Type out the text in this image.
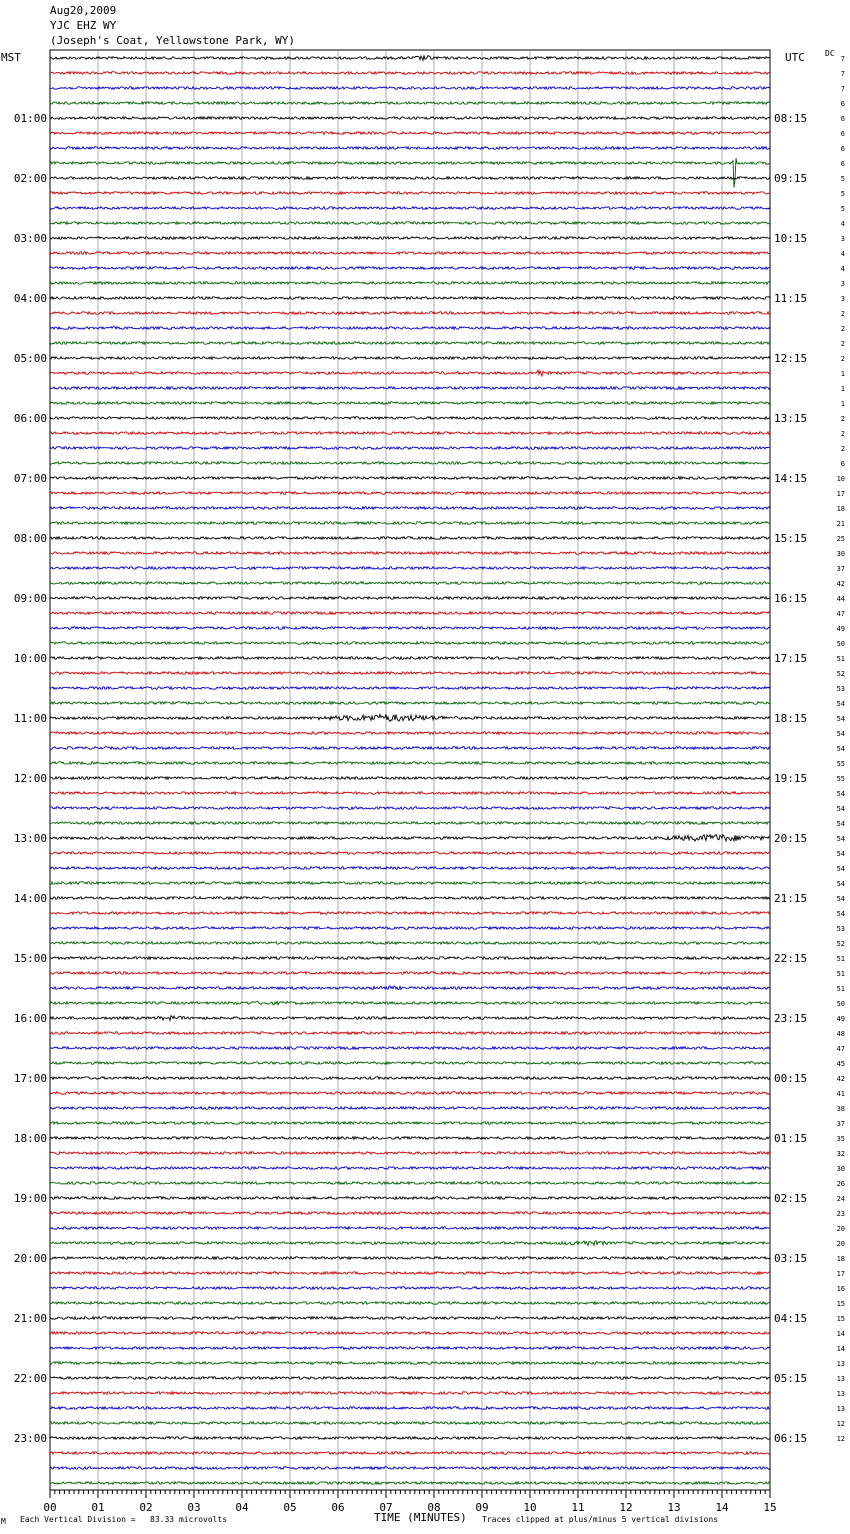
Aug20,2009
YJC EHZ WY
(Joseph's Coat, Yellowstone Park, WY)
MST	UTC	DC
01:00
02:00
03:00
04:00
05:00
06:00
07:00
08:00
09:00
10:00
11:00
12:00
13:00
14:00
15:00
16:00
17:00
18:00
19:00
20:00
21:00
22:00
23:00
08:15
09:15
10:15
11:15
12:15
13:15
14:15
15:15
16:15
17:15
18:15
19:15
20:15
21:15
22:15
23:15
00:15
01:15
02:15
03:15
04:15
05:15
06:15
7
7
7
6
6
6
6
6
5
5
5
4
3
4
4
3
3
2
2
2
2
1
1
1
2
2
2
6
10
17
18
21
25
30
37
42
44
47
49
50
51
52
53
54
54
54
54
55
55
54
54
54
54
54
54
54
54
54
53
52
51
51
51
50
49
48
47
45
42
41
38
37
35
32
30
26
24
23
20
20
18
17
16
15
15
14
14
13
13
13
13
12
12
00	01	02	03	04	05	06	07	08	09	10	11	12	13	14	15
M Each Vertical Division =   83.33 microvolts	TIME (MINUTES) Traces clipped at plus/minus 5 vertical divisions
